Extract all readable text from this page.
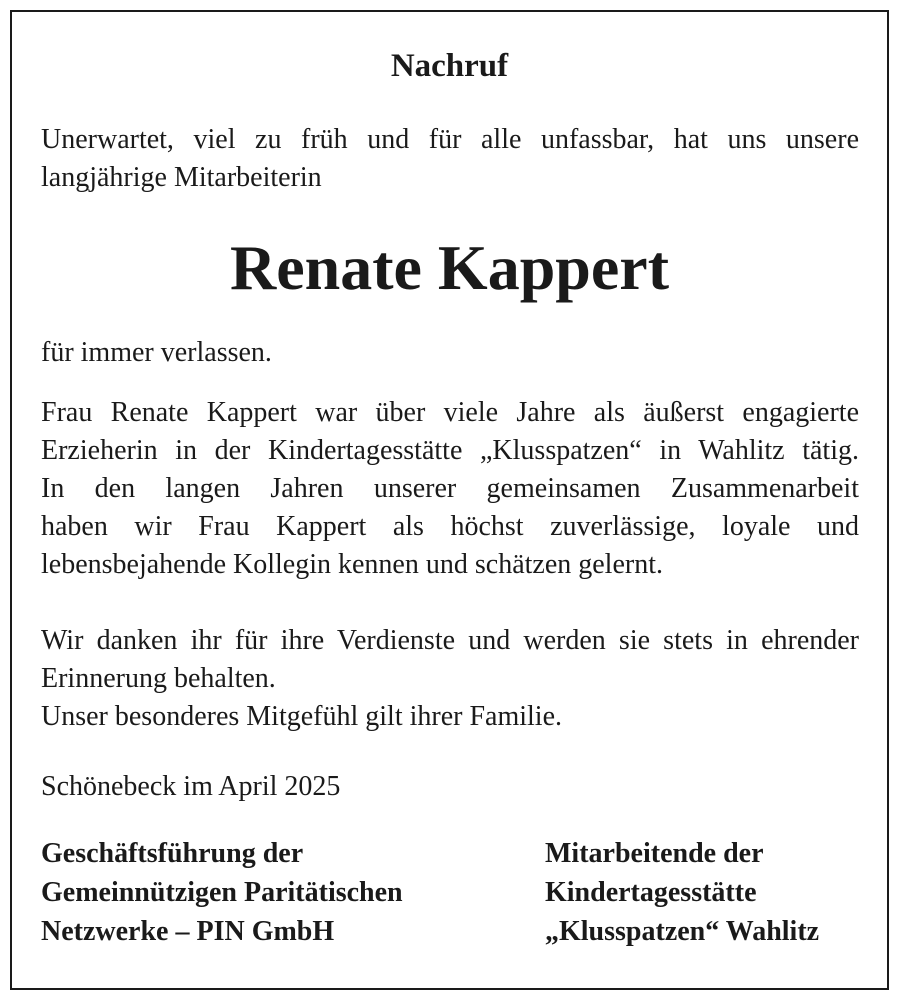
Nachruf
Unerwartet, viel zu früh und für alle unfassbar, hat uns unsere
langjährige Mitarbeiterin
Renate Kappert
für immer verlassen.
Frau Renate Kappert war über viele Jahre als äußerst engagierte
Erzieherin in der Kindertagesstätte „Klusspatzen“ in Wahlitz tätig.
In den langen Jahren unserer gemeinsamen Zusammenarbeit
haben wir Frau Kappert als höchst zuverlässige, loyale und
lebensbejahende Kollegin kennen und schätzen gelernt.
Wir danken ihr für ihre Verdienste und werden sie stets in ehrender
Erinnerung behalten.
Unser besonderes Mitgefühl gilt ihrer Familie.
Schönebeck im April 2025
Geschäftsführung der
Gemeinnützigen Paritätischen
Netzwerke – PIN GmbH
Mitarbeitende der
Kindertagesstätte
„Klusspatzen“ Wahlitz
